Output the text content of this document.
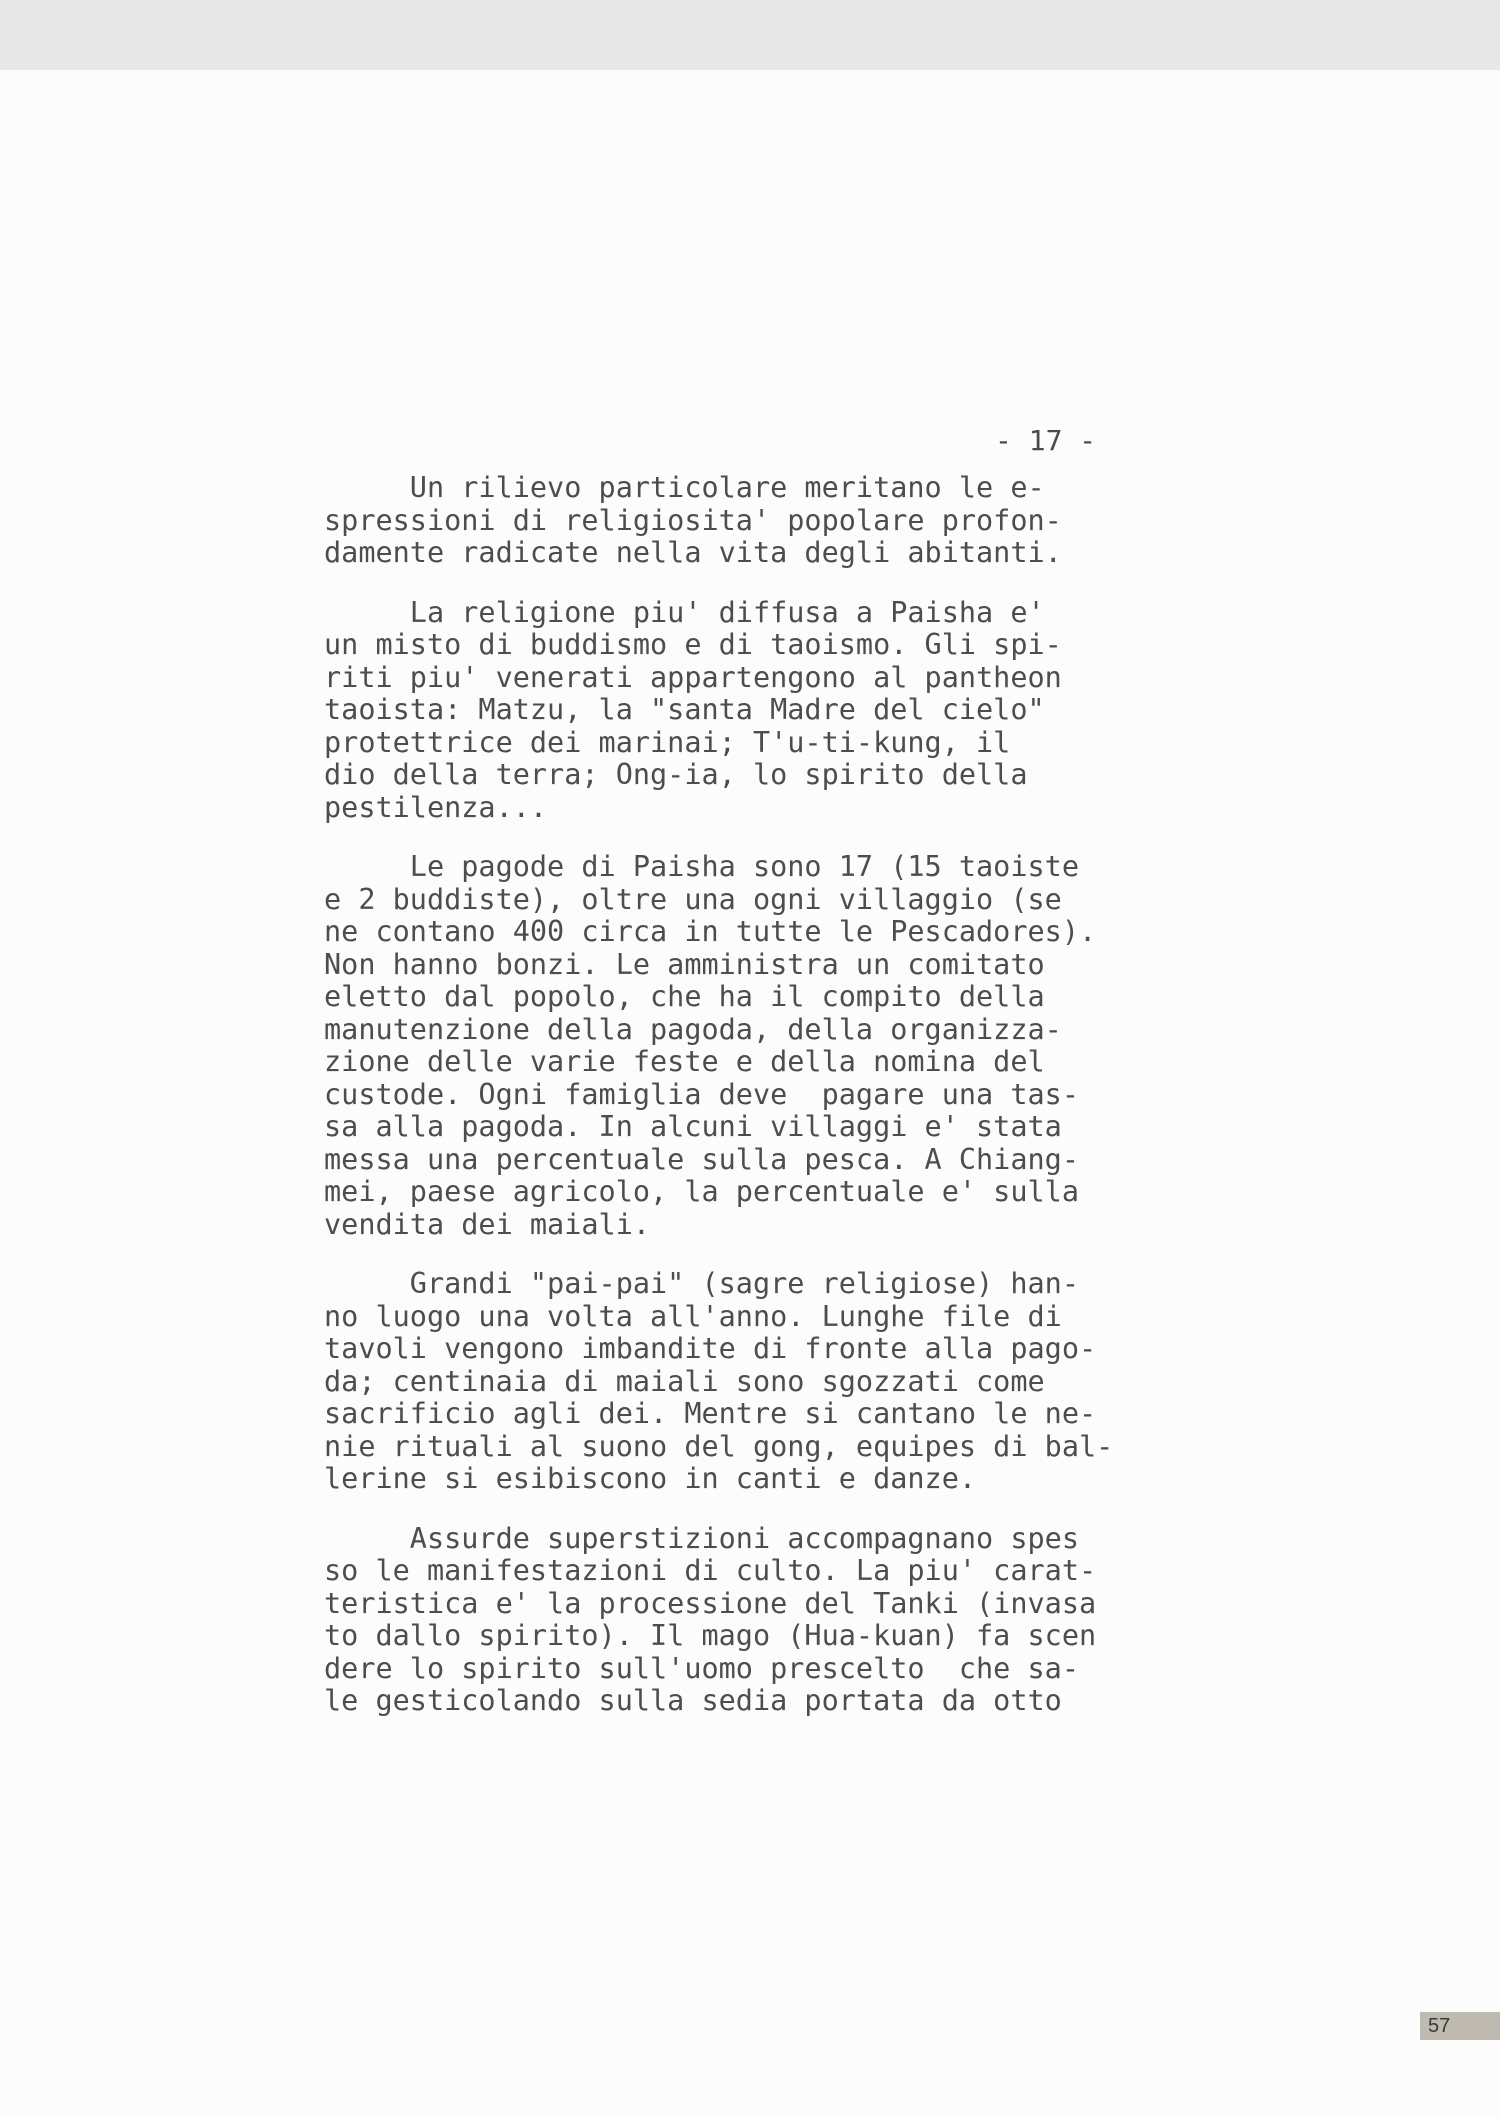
- 17 -
Un rilievo particolare meritano le e-
spressioni di religiosita' popolare profon-
damente radicate nella vita degli abitanti.
La religione piu' diffusa a Paisha e'
un misto di buddismo e di taoismo. Gli spi-
riti piu' venerati appartengono al pantheon
taoista: Matzu, la "santa Madre del cielo"
protettrice dei marinai; T'u-ti-kung, il
dio della terra; Ong-ia, lo spirito della
pestilenza...
Le pagode di Paisha sono 17 (15 taoiste
e 2 buddiste), oltre una ogni villaggio (se
ne contano 400 circa in tutte le Pescadores).
Non hanno bonzi. Le amministra un comitato
eletto dal popolo, che ha il compito della
manutenzione della pagoda, della organizza-
zione delle varie feste e della nomina del
custode. Ogni famiglia deve  pagare una tas-
sa alla pagoda. In alcuni villaggi e' stata
messa una percentuale sulla pesca. A Chiang-
mei, paese agricolo, la percentuale e' sulla
vendita dei maiali.
Grandi "pai-pai" (sagre religiose) han-
no luogo una volta all'anno. Lunghe file di
tavoli vengono imbandite di fronte alla pago-
da; centinaia di maiali sono sgozzati come
sacrificio agli dei. Mentre si cantano le ne-
nie rituali al suono del gong, equipes di bal-
lerine si esibiscono in canti e danze.
Assurde superstizioni accompagnano spes
so le manifestazioni di culto. La piu' carat-
teristica e' la processione del Tanki (invasa
to dallo spirito). Il mago (Hua-kuan) fa scen
dere lo spirito sull'uomo prescelto  che sa-
le gesticolando sulla sedia portata da otto
57
